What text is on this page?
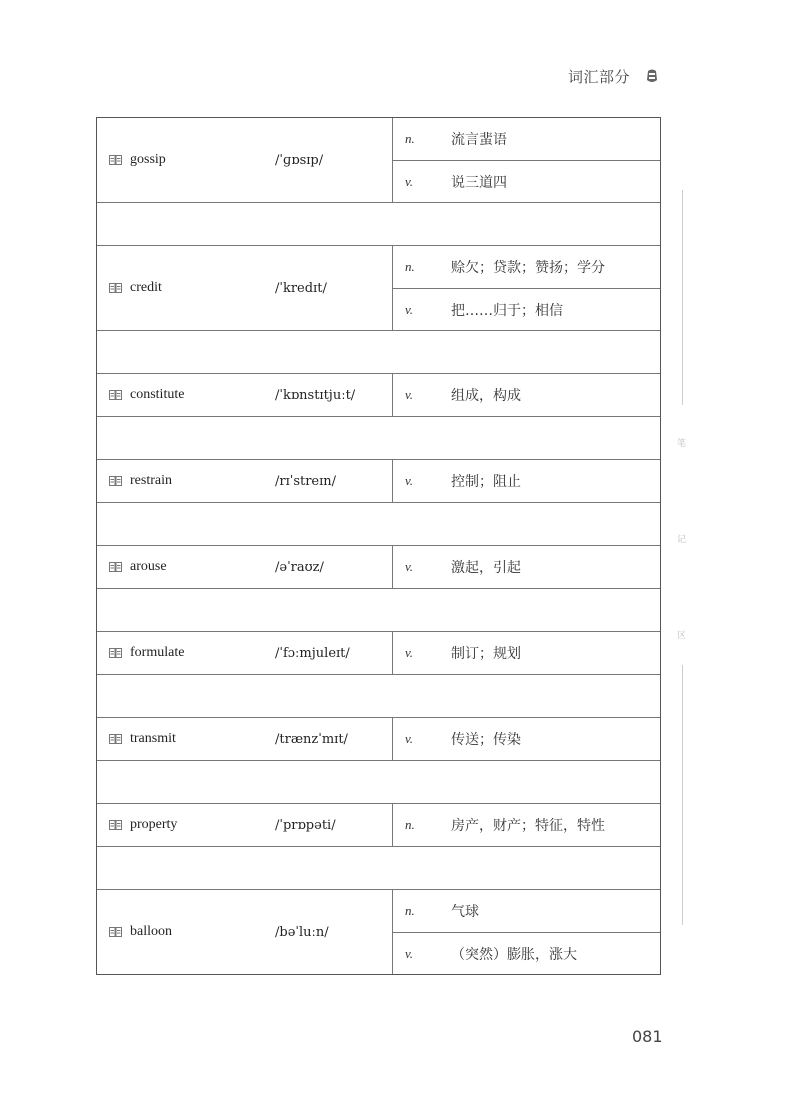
词汇部分
gossip	/ˈɡɒsɪp/
n.	流言蜚语
v.	说三道四
credit	/ˈkredɪt/
n.	赊欠；贷款；赞扬；学分
v.	把……归于；相信
constitute	/ˈkɒnstɪtjuːt/	v.	组成，构成
restrain	/rɪˈstreɪn/	v.	控制；阻止
arouse	/əˈraʊz/	v.	激起，引起
formulate	/ˈfɔːmjuleɪt/	v.	制订；规划
transmit	/trænzˈmɪt/	v.	传送；传染
property	/ˈprɒpəti/	n.	房产，财产；特征，特性
balloon	/bəˈluːn/
n.	气球
v.	（突然）膨胀，涨大
笔
记
区
081
